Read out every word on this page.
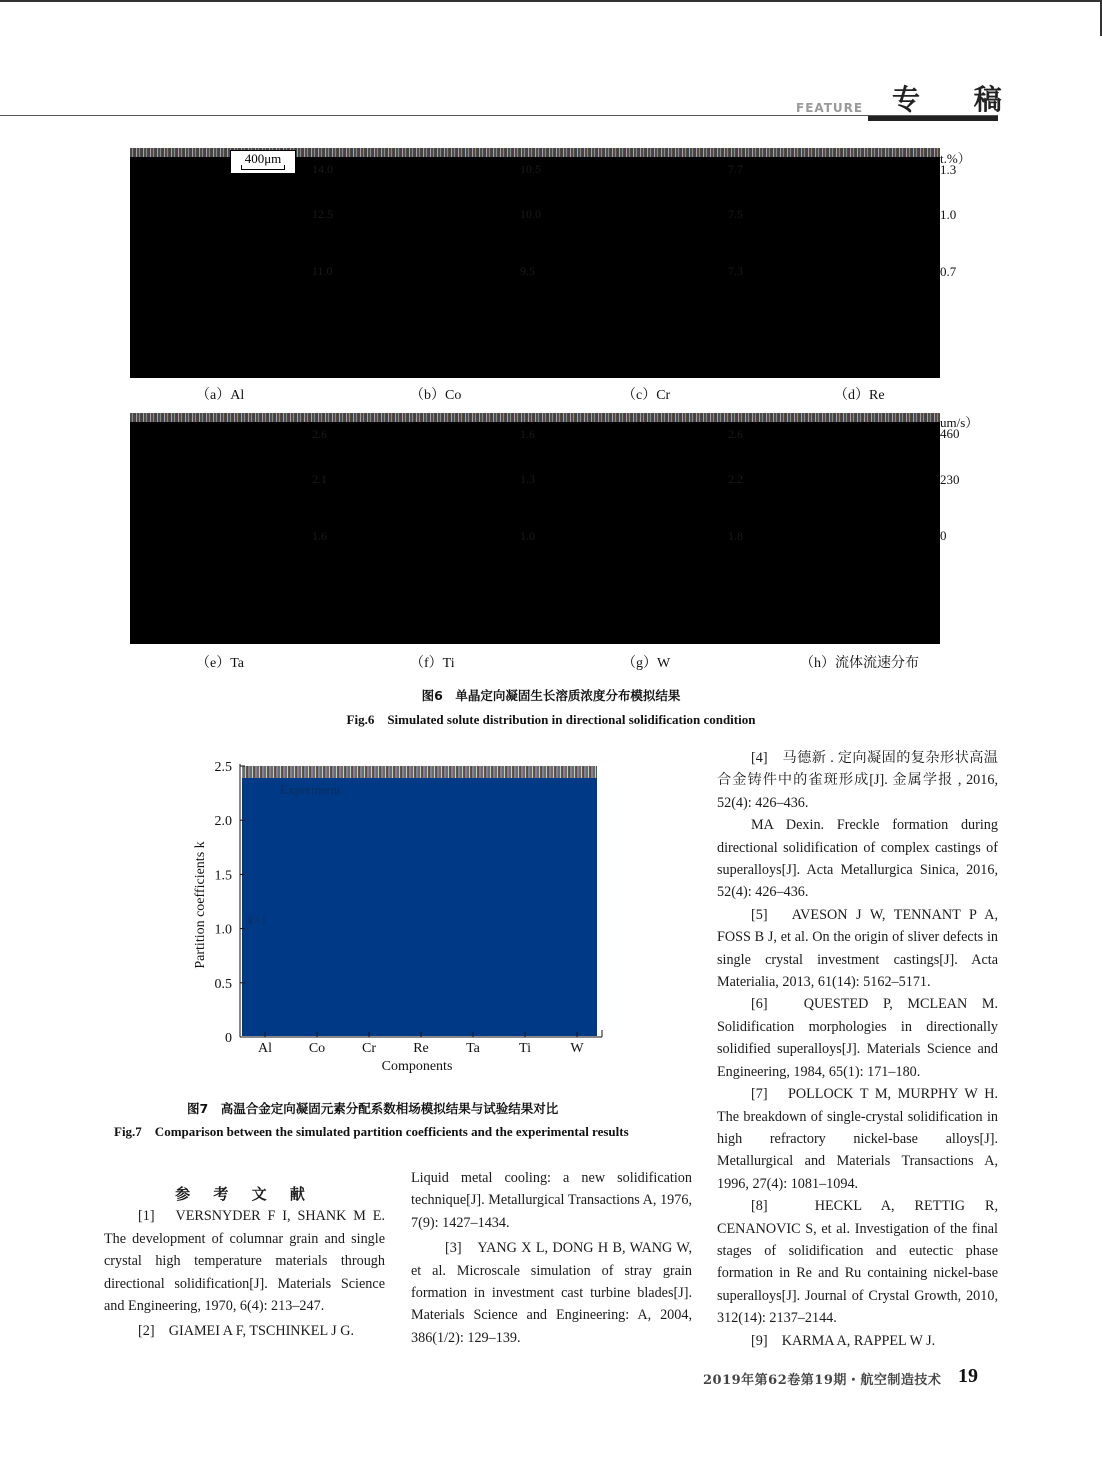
FEATURE 专 稿
400μm
14.0
12.5
11.0
10.5
10.0
9.5
7.7
7.5
7.3
t.%）
1.3
1.0
0.7
（a）Al	（b）Co	（c）Cr	（d）Re
2.6
2.1
1.6
1.6
1.3
1.0
2.6
2.2
1.8
um/s）
460
230
0
（e）Ta	（f）Ti	（g）W	（h）流体流速分布
图6　单晶定向凝固生长溶质浓度分布模拟结果
Fig.6　Simulated solute distribution in directional solidification condition
Experiment
k=1
0
0.5
1.0
1.5
2.0
2.5
Al	Co	Cr	Re	Ta	Ti	W
Components
Partition coefficients k
图7　高温合金定向凝固元素分配系数相场模拟结果与试验结果对比
Fig.7　Comparison between the simulated partition coefficients and the experimental results

[4]　马德新 . 定向凝固的复杂形状高温合金铸件中的雀斑形成[J]. 金属学报 , 2016, 52(4): 426–436.

MA Dexin. Freckle formation during directional solidification of complex castings of superalloys[J]. Acta Metallurgica Sinica, 2016, 52(4): 426–436.

[5]　AVESON J W, TENNANT P A, FOSS B J, et al. On the origin of sliver defects in single crystal investment castings[J]. Acta Materialia, 2013, 61(14): 5162–5171.

[6]　QUESTED P, MCLEAN M. Solidification morphologies in directionally solidified superalloys[J]. Materials Science and Engineering, 1984, 65(1): 171–180.

[7]　POLLOCK T M, MURPHY W H. The breakdown of single-crystal solidification in high refractory nickel-base alloys[J]. Metallurgical and Materials Transactions A, 1996, 27(4): 1081–1094.

[8]　HECKL A, RETTIG R, CENANOVIC S, et al. Investigation of the final stages of solidification and eutectic phase formation in Re and Ru containing nickel-base superalloys[J]. Journal of Crystal Growth, 2010, 312(14): 2137–2144.

[9]　KARMA A, RAPPEL W J.

参 考 文 献

[1]　VERSNYDER F I, SHANK M E. The development of columnar grain and single crystal high temperature materials through directional solidification[J]. Materials Science and Engineering, 1970, 6(4): 213–247.

[2]　GIAMEI A F, TSCHINKEL J G.

Liquid metal cooling: a new solidification technique[J]. Metallurgical Transactions A, 1976, 7(9): 1427–1434.

[3]　YANG X L, DONG H B, WANG W, et al. Microscale simulation of stray grain formation in investment cast turbine blades[J]. Materials Science and Engineering: A, 2004, 386(1/2): 129–139.

2019年第62卷第19期・航空制造技术 19
